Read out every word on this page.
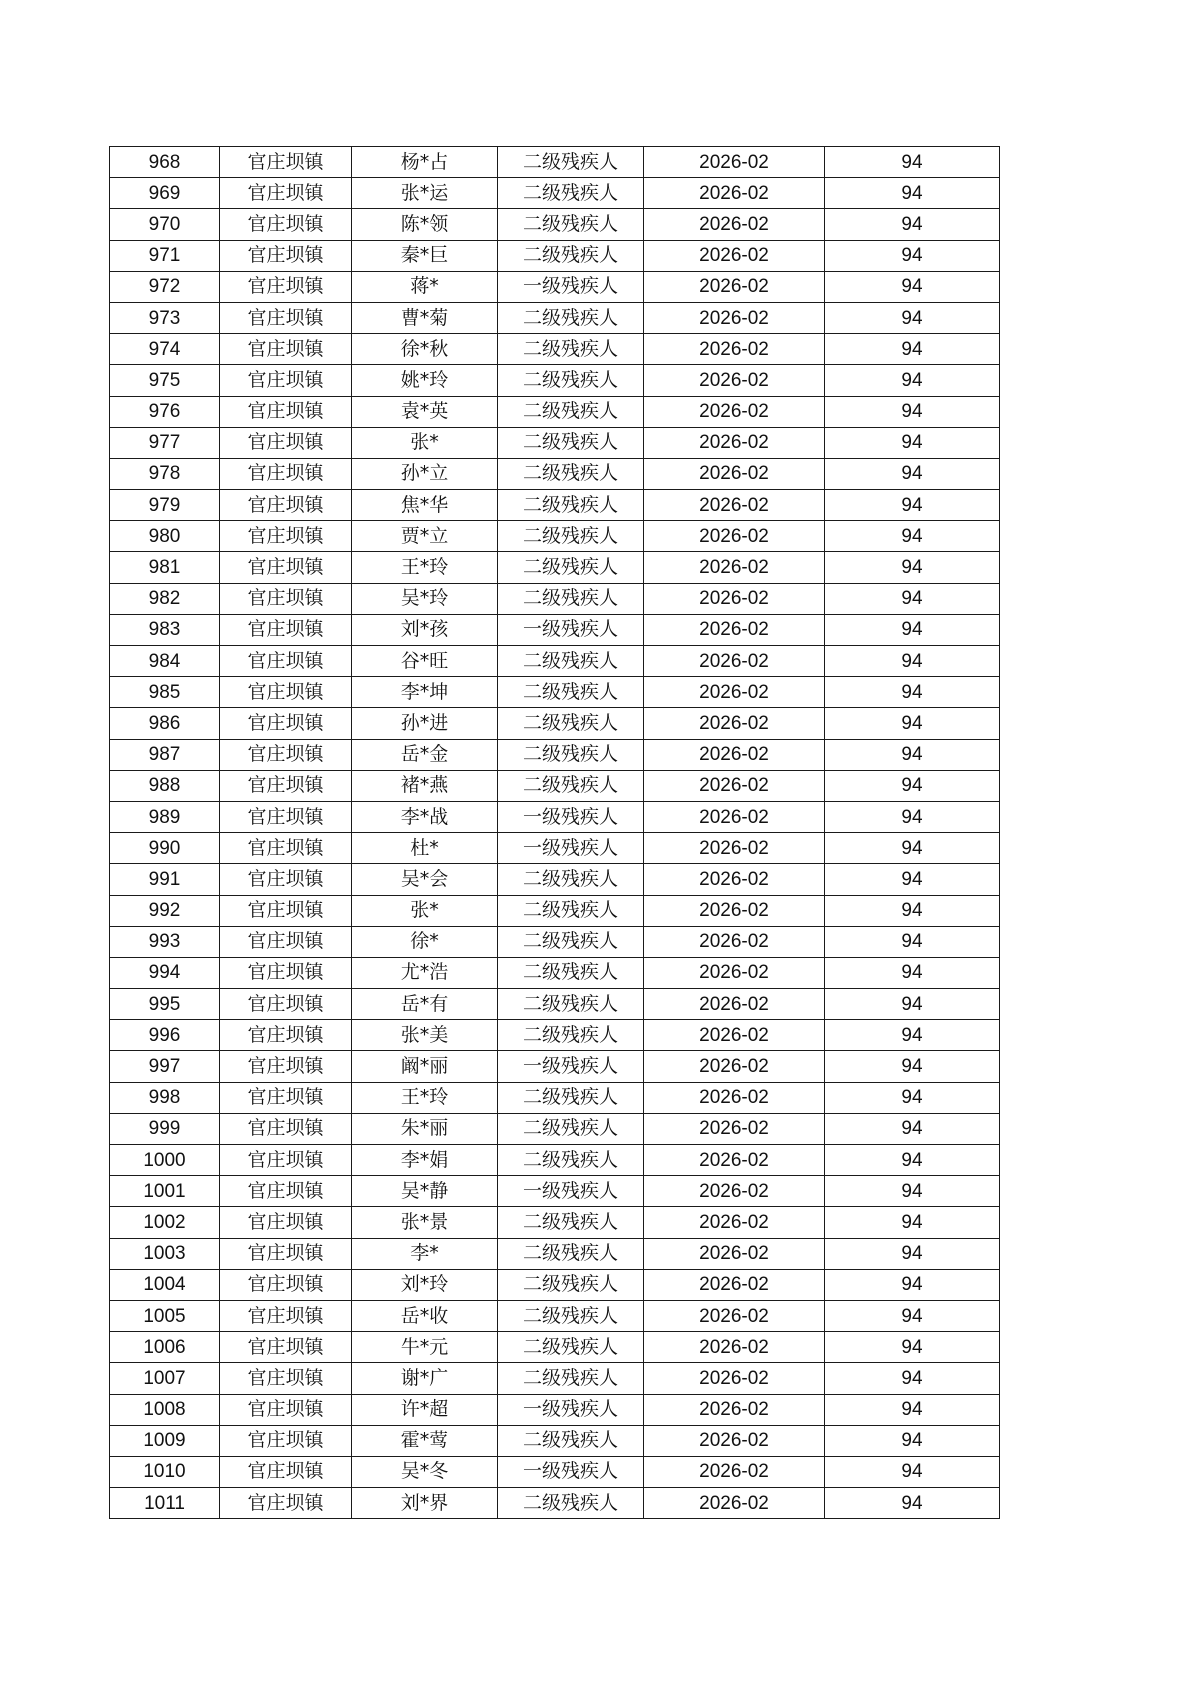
968	官庄坝镇	杨*占	二级残疾人	2026-02	94
969	官庄坝镇	张*运	二级残疾人	2026-02	94
970	官庄坝镇	陈*领	二级残疾人	2026-02	94
971	官庄坝镇	秦*巨	二级残疾人	2026-02	94
972	官庄坝镇	蒋*	一级残疾人	2026-02	94
973	官庄坝镇	曹*菊	二级残疾人	2026-02	94
974	官庄坝镇	徐*秋	二级残疾人	2026-02	94
975	官庄坝镇	姚*玲	二级残疾人	2026-02	94
976	官庄坝镇	袁*英	二级残疾人	2026-02	94
977	官庄坝镇	张*	二级残疾人	2026-02	94
978	官庄坝镇	孙*立	二级残疾人	2026-02	94
979	官庄坝镇	焦*华	二级残疾人	2026-02	94
980	官庄坝镇	贾*立	二级残疾人	2026-02	94
981	官庄坝镇	王*玲	二级残疾人	2026-02	94
982	官庄坝镇	吴*玲	二级残疾人	2026-02	94
983	官庄坝镇	刘*孩	一级残疾人	2026-02	94
984	官庄坝镇	谷*旺	二级残疾人	2026-02	94
985	官庄坝镇	李*坤	二级残疾人	2026-02	94
986	官庄坝镇	孙*进	二级残疾人	2026-02	94
987	官庄坝镇	岳*金	二级残疾人	2026-02	94
988	官庄坝镇	褚*燕	二级残疾人	2026-02	94
989	官庄坝镇	李*战	一级残疾人	2026-02	94
990	官庄坝镇	杜*	一级残疾人	2026-02	94
991	官庄坝镇	吴*会	二级残疾人	2026-02	94
992	官庄坝镇	张*	二级残疾人	2026-02	94
993	官庄坝镇	徐*	二级残疾人	2026-02	94
994	官庄坝镇	尤*浩	二级残疾人	2026-02	94
995	官庄坝镇	岳*有	二级残疾人	2026-02	94
996	官庄坝镇	张*美	二级残疾人	2026-02	94
997	官庄坝镇	阚*丽	一级残疾人	2026-02	94
998	官庄坝镇	王*玲	二级残疾人	2026-02	94
999	官庄坝镇	朱*丽	二级残疾人	2026-02	94
1000	官庄坝镇	李*娟	二级残疾人	2026-02	94
1001	官庄坝镇	吴*静	一级残疾人	2026-02	94
1002	官庄坝镇	张*景	二级残疾人	2026-02	94
1003	官庄坝镇	李*	二级残疾人	2026-02	94
1004	官庄坝镇	刘*玲	二级残疾人	2026-02	94
1005	官庄坝镇	岳*收	二级残疾人	2026-02	94
1006	官庄坝镇	牛*元	二级残疾人	2026-02	94
1007	官庄坝镇	谢*广	二级残疾人	2026-02	94
1008	官庄坝镇	许*超	一级残疾人	2026-02	94
1009	官庄坝镇	霍*莺	二级残疾人	2026-02	94
1010	官庄坝镇	吴*冬	一级残疾人	2026-02	94
1011	官庄坝镇	刘*界	二级残疾人	2026-02	94
